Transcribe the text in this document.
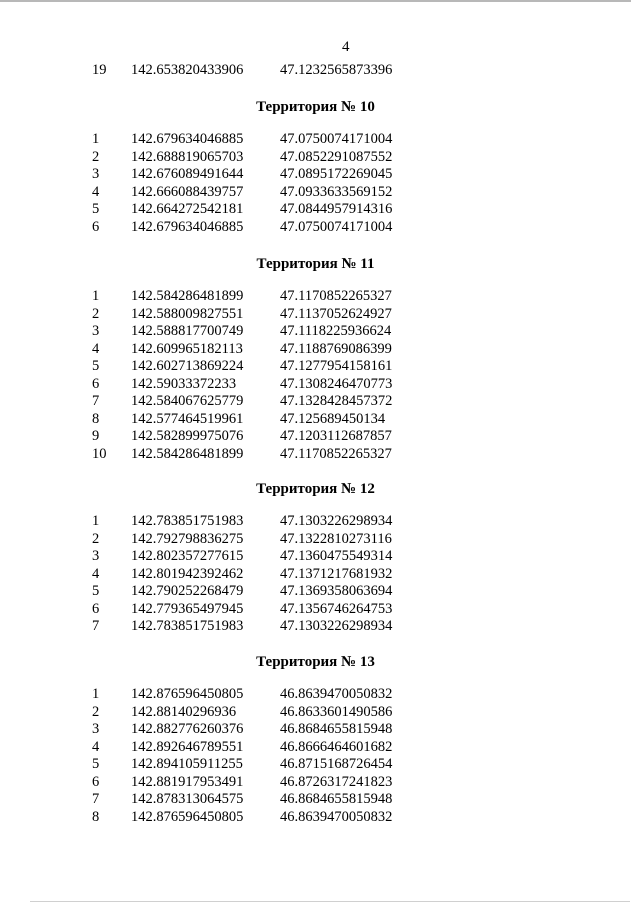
4
19 142.653820433906	47.1232565873396
Территория № 10
1 142.679634046885	47.0750074171004
2 142.688819065703	47.0852291087552
3 142.676089491644	47.0895172269045
4 142.666088439757	47.0933633569152
5 142.664272542181	47.0844957914316
6 142.679634046885	47.0750074171004
Территория № 11
1 142.584286481899	47.1170852265327
2 142.588009827551	47.1137052624927
3 142.588817700749	47.1118225936624
4 142.609965182113	47.1188769086399
5 142.602713869224	47.1277954158161
6 142.59033372233	47.1308246470773
7 142.584067625779	47.1328428457372
8 142.577464519961	47.125689450134
9 142.582899975076	47.1203112687857
10 142.584286481899	47.1170852265327
Территория № 12
1 142.783851751983	47.1303226298934
2 142.792798836275	47.1322810273116
3 142.802357277615	47.1360475549314
4 142.801942392462	47.1371217681932
5 142.790252268479	47.1369358063694
6 142.779365497945	47.1356746264753
7 142.783851751983	47.1303226298934
Территория № 13
1 142.876596450805	46.8639470050832
2 142.88140296936	46.8633601490586
3 142.882776260376	46.8684655815948
4 142.892646789551	46.8666464601682
5 142.894105911255	46.8715168726454
6 142.881917953491	46.8726317241823
7 142.878313064575	46.8684655815948
8 142.876596450805	46.8639470050832
